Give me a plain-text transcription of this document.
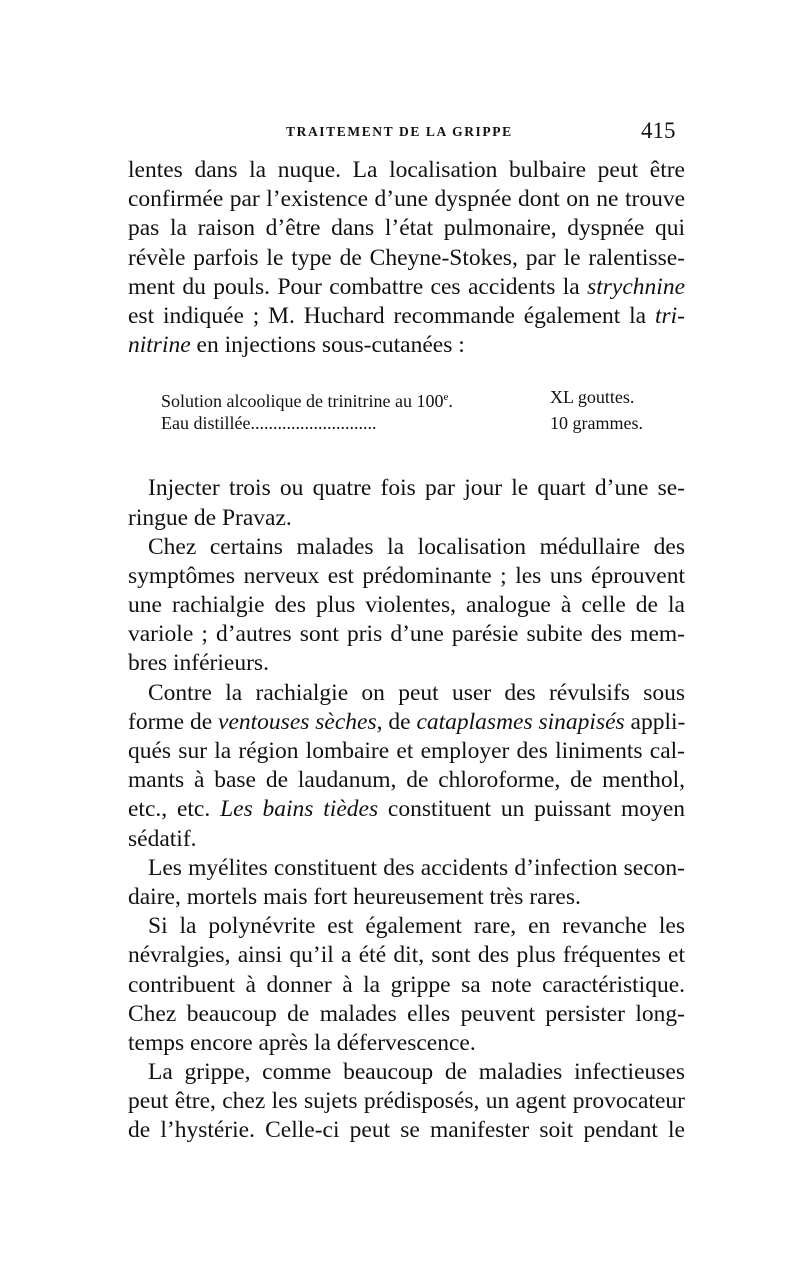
TRAITEMENT DE LA GRIPPE	415
lentes dans la nuque. La localisation bulbaire peut être
confirmée par l’existence d’une dyspnée dont on ne trouve
pas la raison d’être dans l’état pulmonaire, dyspnée qui
révèle parfois le type de Cheyne-Stokes, par le ralentisse-
ment du pouls. Pour combattre ces accidents la strychnine
est indiquée ; M. Huchard recommande également la tri-
nitrine en injections sous-cutanées :
Solution alcoolique de trinitrine au 100e.	XL gouttes.
Eau distillée............................	10 grammes.
Injecter trois ou quatre fois par jour le quart d’une se-
ringue de Pravaz.
Chez certains malades la localisation médullaire des
symptômes nerveux est prédominante ; les uns éprouvent
une rachialgie des plus violentes, analogue à celle de la
variole ; d’autres sont pris d’une parésie subite des mem-
bres inférieurs.
Contre la rachialgie on peut user des révulsifs sous
forme de ventouses sèches, de cataplasmes sinapisés appli-
qués sur la région lombaire et employer des liniments cal-
mants à base de laudanum, de chloroforme, de menthol,
etc., etc. Les bains tièdes constituent un puissant moyen
sédatif.
Les myélites constituent des accidents d’infection secon-
daire, mortels mais fort heureusement très rares.
Si la polynévrite est également rare, en revanche les
névralgies, ainsi qu’il a été dit, sont des plus fréquentes et
contribuent à donner à la grippe sa note caractéristique.
Chez beaucoup de malades elles peuvent persister long-
temps encore après la défervescence.
La grippe, comme beaucoup de maladies infectieuses
peut être, chez les sujets prédisposés, un agent provocateur
de l’hystérie. Celle-ci peut se manifester soit pendant le
